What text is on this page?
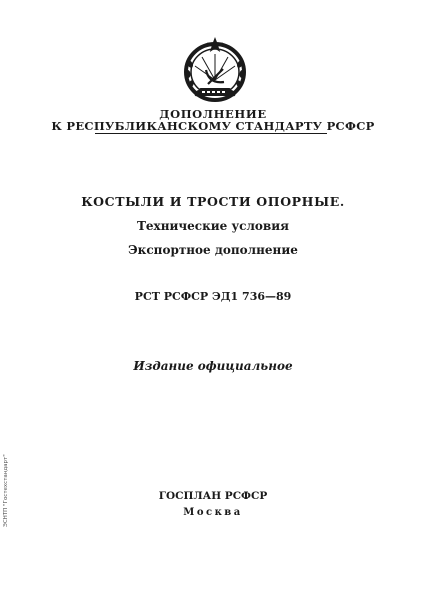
ДОПОЛНЕНИЕ
К РЕСПУБЛИКАНСКОМУ СТАНДАРТУ РСФСР
КОСТЫЛИ И ТРОСТИ ОПОРНЫЕ.
Технические условия
Экспортное дополнение
РСТ РСФСР ЭД1 736—89
Издание официальное
ГОСПЛАН РСФСР
Москва
ЭСНТП "Гостехстандарт"
